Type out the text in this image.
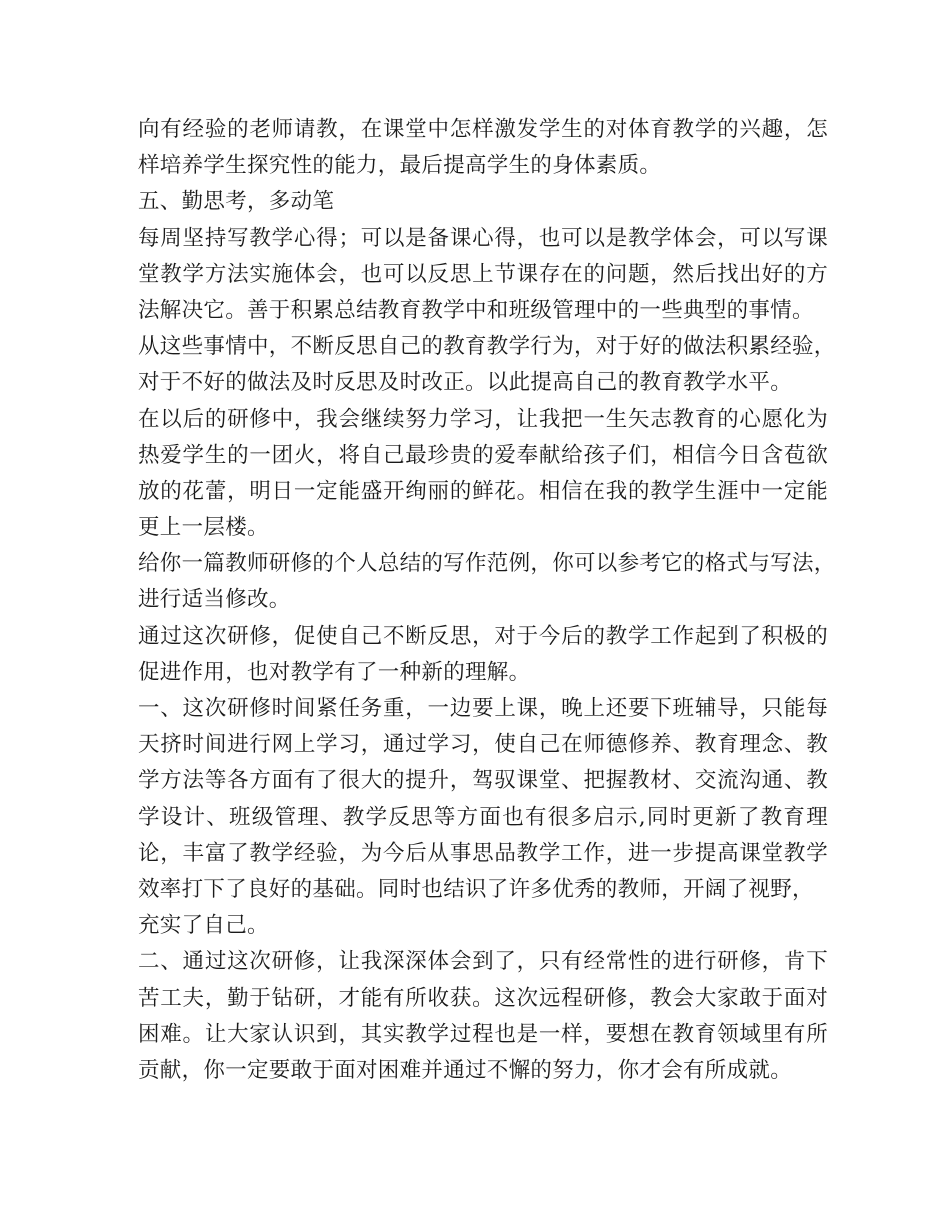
向有经验的老师请教，在课堂中怎样激发学生的对体育教学的兴趣，怎
样培养学生探究性的能力，最后提高学生的身体素质。
五、勤思考，多动笔
每周坚持写教学心得；可以是备课心得，也可以是教学体会，可以写课
堂教学方法实施体会，也可以反思上节课存在的问题，然后找出好的方
法解决它。善于积累总结教育教学中和班级管理中的一些典型的事情。
从这些事情中，不断反思自己的教育教学行为，对于好的做法积累经验，
对于不好的做法及时反思及时改正。以此提高自己的教育教学水平。
在以后的研修中，我会继续努力学习，让我把一生矢志教育的心愿化为
热爱学生的一团火，将自己最珍贵的爱奉献给孩子们，相信今日含苞欲
放的花蕾，明日一定能盛开绚丽的鲜花。相信在我的教学生涯中一定能
更上一层楼。
给你一篇教师研修的个人总结的写作范例，你可以参考它的格式与写法，
进行适当修改。
通过这次研修，促使自己不断反思，对于今后的教学工作起到了积极的
促进作用，也对教学有了一种新的理解。
一、这次研修时间紧任务重，一边要上课，晚上还要下班辅导，只能每
天挤时间进行网上学习，通过学习，使自己在师德修养、教育理念、教
学方法等各方面有了很大的提升，驾驭课堂、把握教材、交流沟通、教
学设计、班级管理、教学反思等方面也有很多启示,同时更新了教育理
论，丰富了教学经验，为今后从事思品教学工作，进一步提高课堂教学
效率打下了良好的基础。同时也结识了许多优秀的教师，开阔了视野，
充实了自己。
二、通过这次研修，让我深深体会到了，只有经常性的进行研修，肯下
苦工夫，勤于钻研，才能有所收获。这次远程研修，教会大家敢于面对
困难。让大家认识到，其实教学过程也是一样，要想在教育领域里有所
贡献，你一定要敢于面对困难并通过不懈的努力，你才会有所成就。
